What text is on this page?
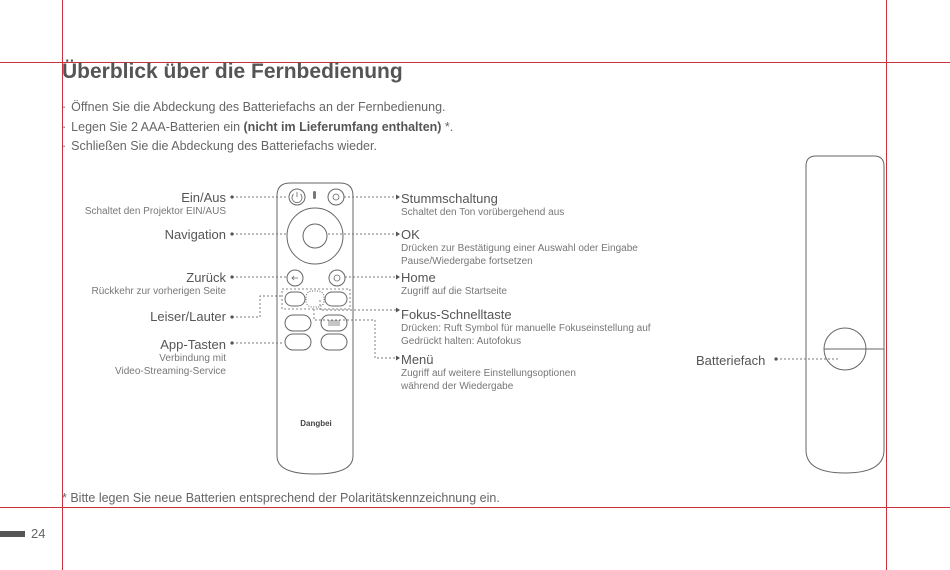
Überblick über die Fernbedienung
· Öffnen Sie die Abdeckung des Batteriefachs an der Fernbedienung.
· Legen Sie 2 AAA-Batterien ein (nicht im Lieferumfang enthalten) *.
· Schließen Sie die Abdeckung des Batteriefachs wieder.
Ein/Aus
Schaltet den Projektor EIN/AUS
Navigation
Zurück
Rückkehr zur vorherigen Seite
Leiser/Lauter
App-Tasten
Verbindung mit
Video-Streaming-Service
Stummschaltung
Schaltet den Ton vorübergehend aus
OK
Drücken zur Bestätigung einer Auswahl oder Eingabe
Pause/Wiedergabe fortsetzen
Home
Zugriff auf die Startseite
Fokus-Schnelltaste
Drücken: Ruft Symbol für manuelle Fokuseinstellung auf
Gedrückt halten: Autofokus
Menü
Zugriff auf weitere Einstellungsoptionen
während der Wiedergabe
Batteriefach
Dangbei
* Bitte legen Sie neue Batterien entsprechend der Polaritätskennzeichnung ein.
24
